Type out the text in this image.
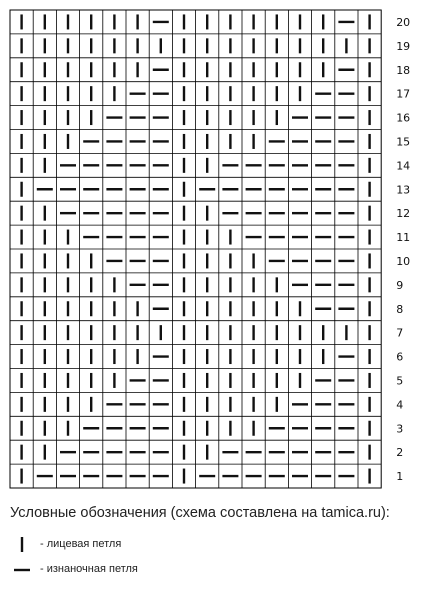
20
19
18
17
16
15
14
13
12
11
10
9
8
7
6
5
4
3
2
1
Условные обозначения (схема составлена на tamica.ru):
- лицевая петля
- изнаночная петля
